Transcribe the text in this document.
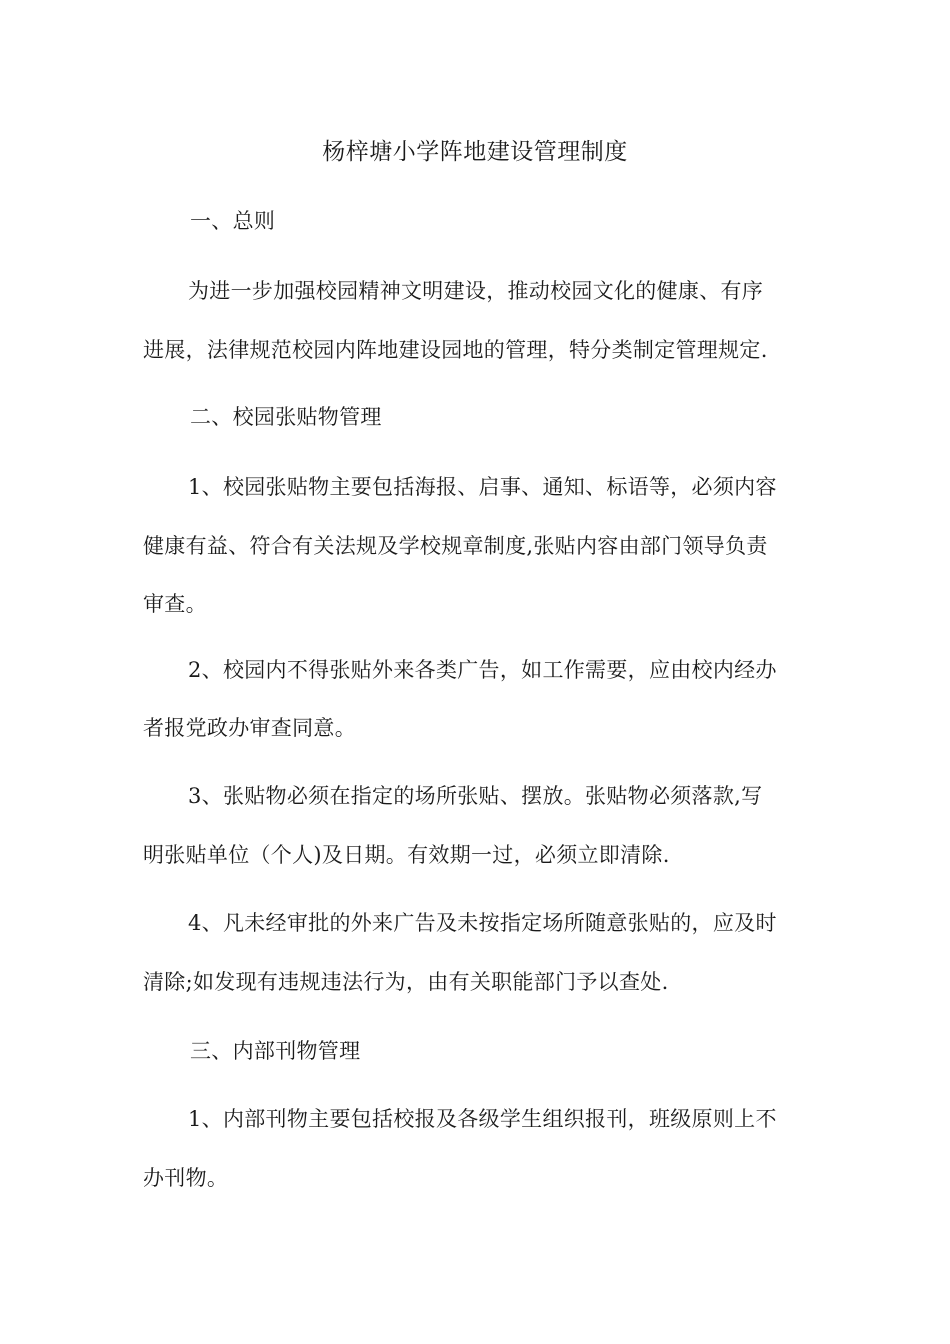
杨梓塘小学阵地建设管理制度
一、总则
为进一步加强校园精神文明建设，推动校园文化的健康、有序
进展，法律规范校园内阵地建设园地的管理，特分类制定管理规定.
二、校园张贴物管理
1、校园张贴物主要包括海报、启事、通知、标语等，必须内容
健康有益、符合有关法规及学校规章制度,张贴内容由部门领导负责
审查。
2、校园内不得张贴外来各类广告，如工作需要，应由校内经办
者报党政办审查同意。
3、张贴物必须在指定的场所张贴、摆放。张贴物必须落款,写
明张贴单位（个人)及日期。有效期一过，必须立即清除.
4、凡未经审批的外来广告及未按指定场所随意张贴的，应及时
清除;如发现有违规违法行为，由有关职能部门予以查处.
三、内部刊物管理
1、内部刊物主要包括校报及各级学生组织报刊，班级原则上不
办刊物。
